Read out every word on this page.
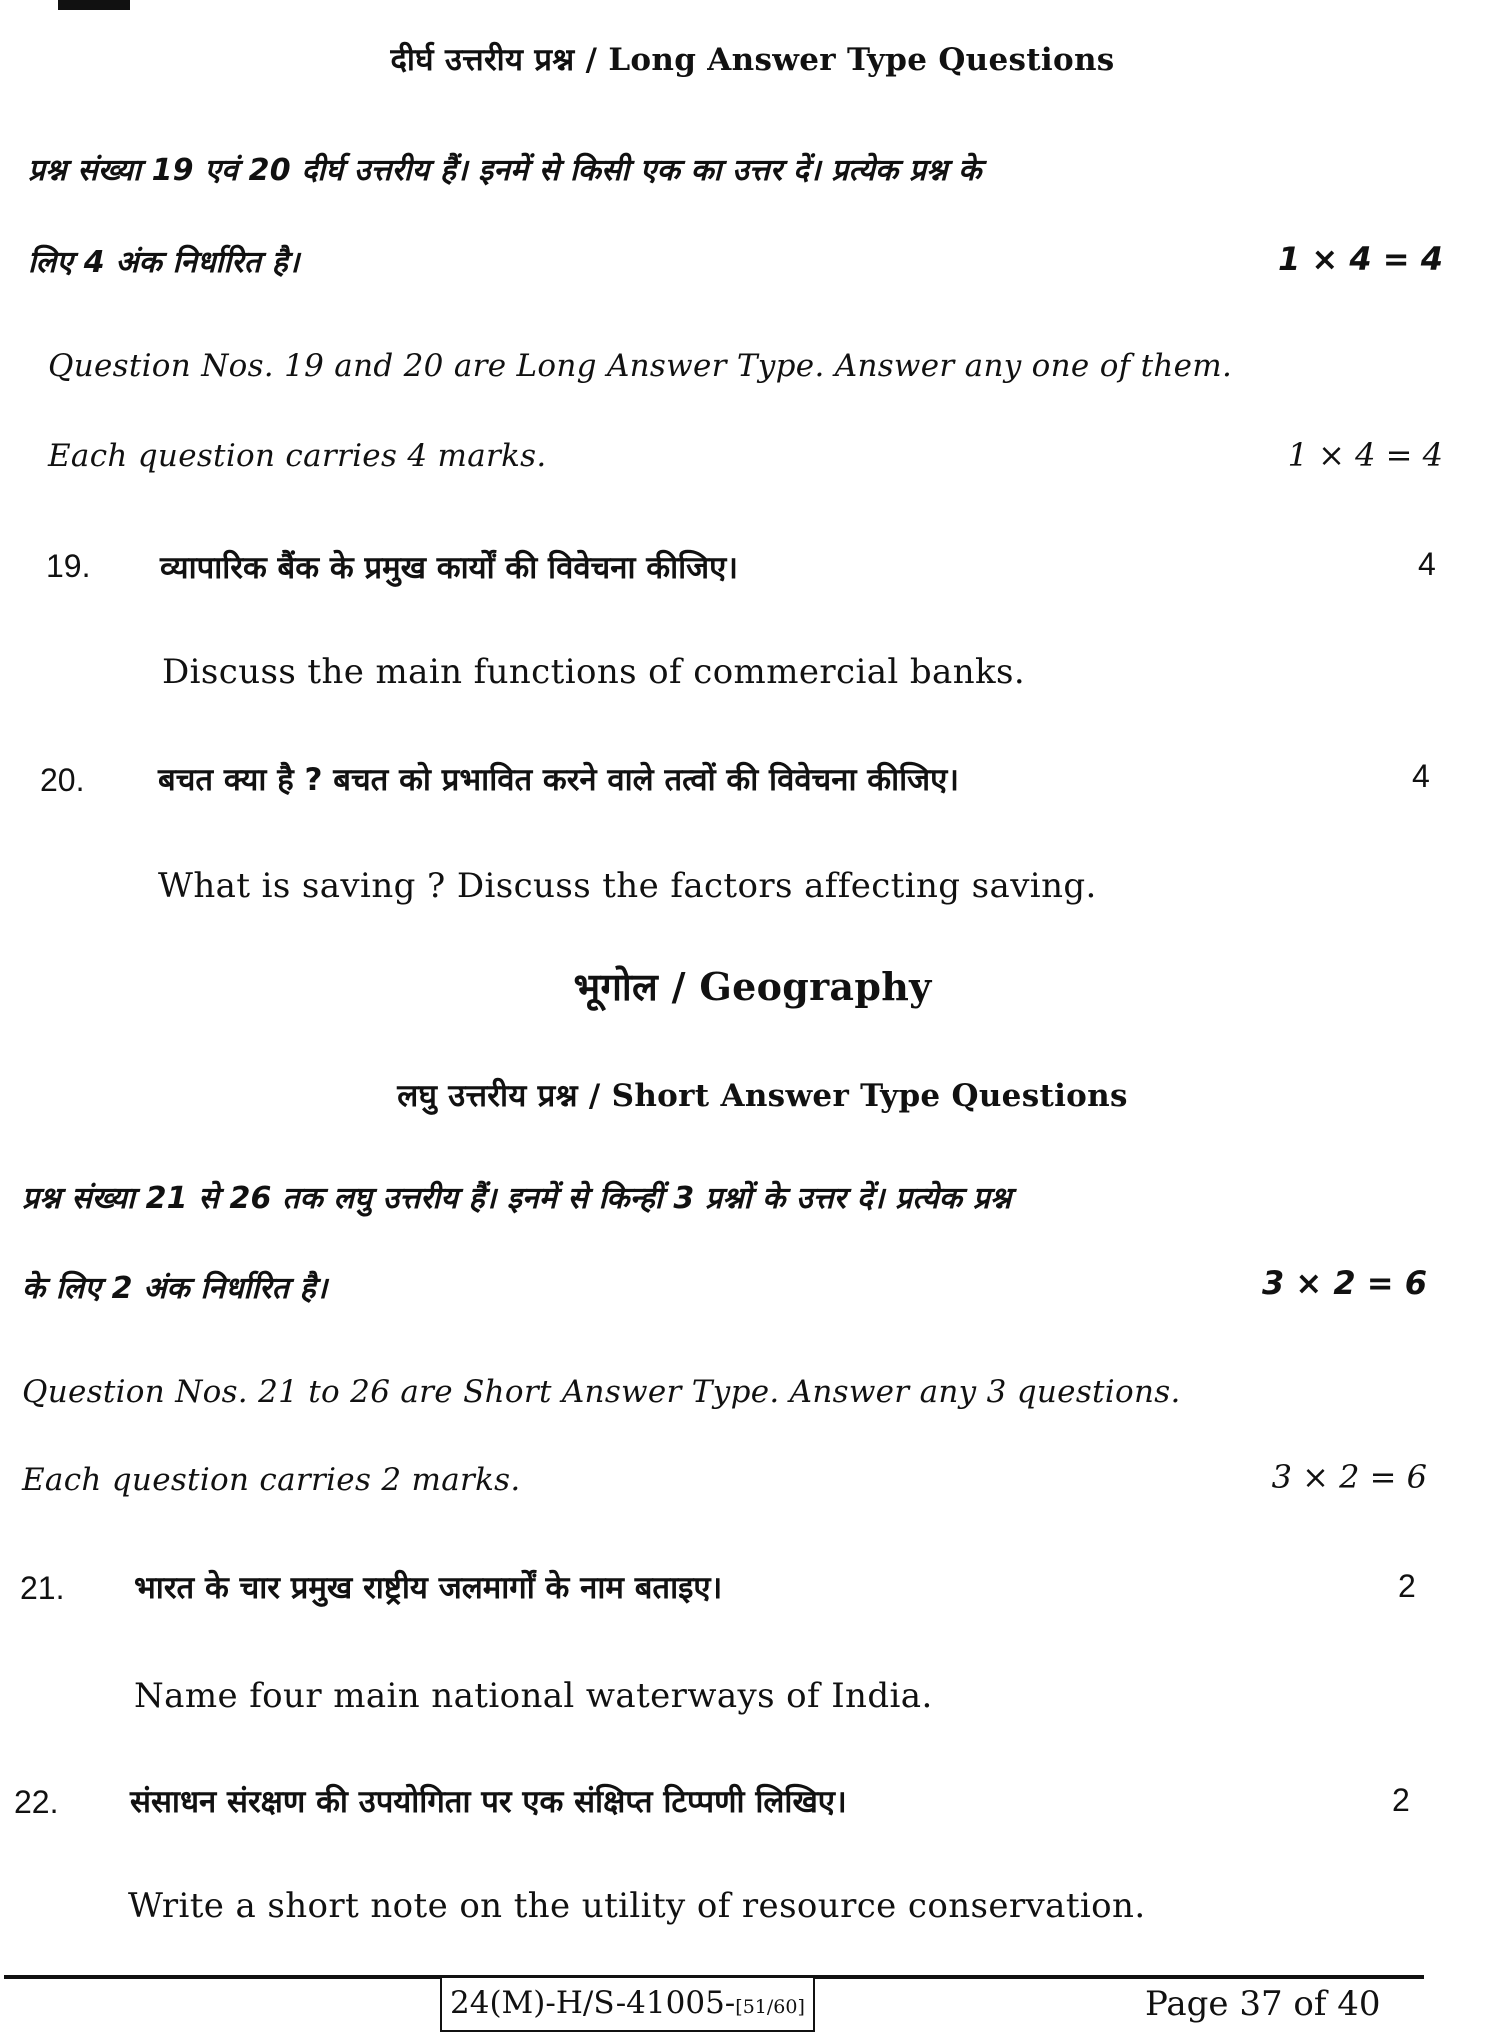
दीर्घ उत्तरीय प्रश्न / Long Answer Type Questions
प्रश्न संख्या 19 एवं 20 दीर्घ उत्तरीय हैं। इनमें से किसी एक का उत्तर दें। प्रत्येक प्रश्न के
लिए 4 अंक निर्धारित है।	1 × 4 = 4
Question Nos. 19 and 20 are Long Answer Type. Answer any one of them.
Each question carries 4 marks.	1 × 4 = 4
19. व्यापारिक बैंक के प्रमुख कार्यों की विवेचना कीजिए।	4
Discuss the main functions of commercial banks.
20. बचत क्या है ? बचत को प्रभावित करने वाले तत्वों की विवेचना कीजिए।	4
What is saving ? Discuss the factors affecting saving.
भूगोल / Geography
लघु उत्तरीय प्रश्न / Short Answer Type Questions
प्रश्न संख्या 21 से 26 तक लघु उत्तरीय हैं। इनमें से किन्हीं 3 प्रश्नों के उत्तर दें। प्रत्येक प्रश्न
के लिए 2 अंक निर्धारित है।	3 × 2 = 6
Question Nos. 21 to 26 are Short Answer Type. Answer any 3 questions.
Each question carries 2 marks.	3 × 2 = 6
21. भारत के चार प्रमुख राष्ट्रीय जलमार्गों के नाम बताइए।	2
Name four main national waterways of India.
22. संसाधन संरक्षण की उपयोगिता पर एक संक्षिप्त टिप्पणी लिखिए।	2
Write a short note on the utility of resource conservation.
24(M)-H/S-41005-[51/60]	Page 37 of 40
